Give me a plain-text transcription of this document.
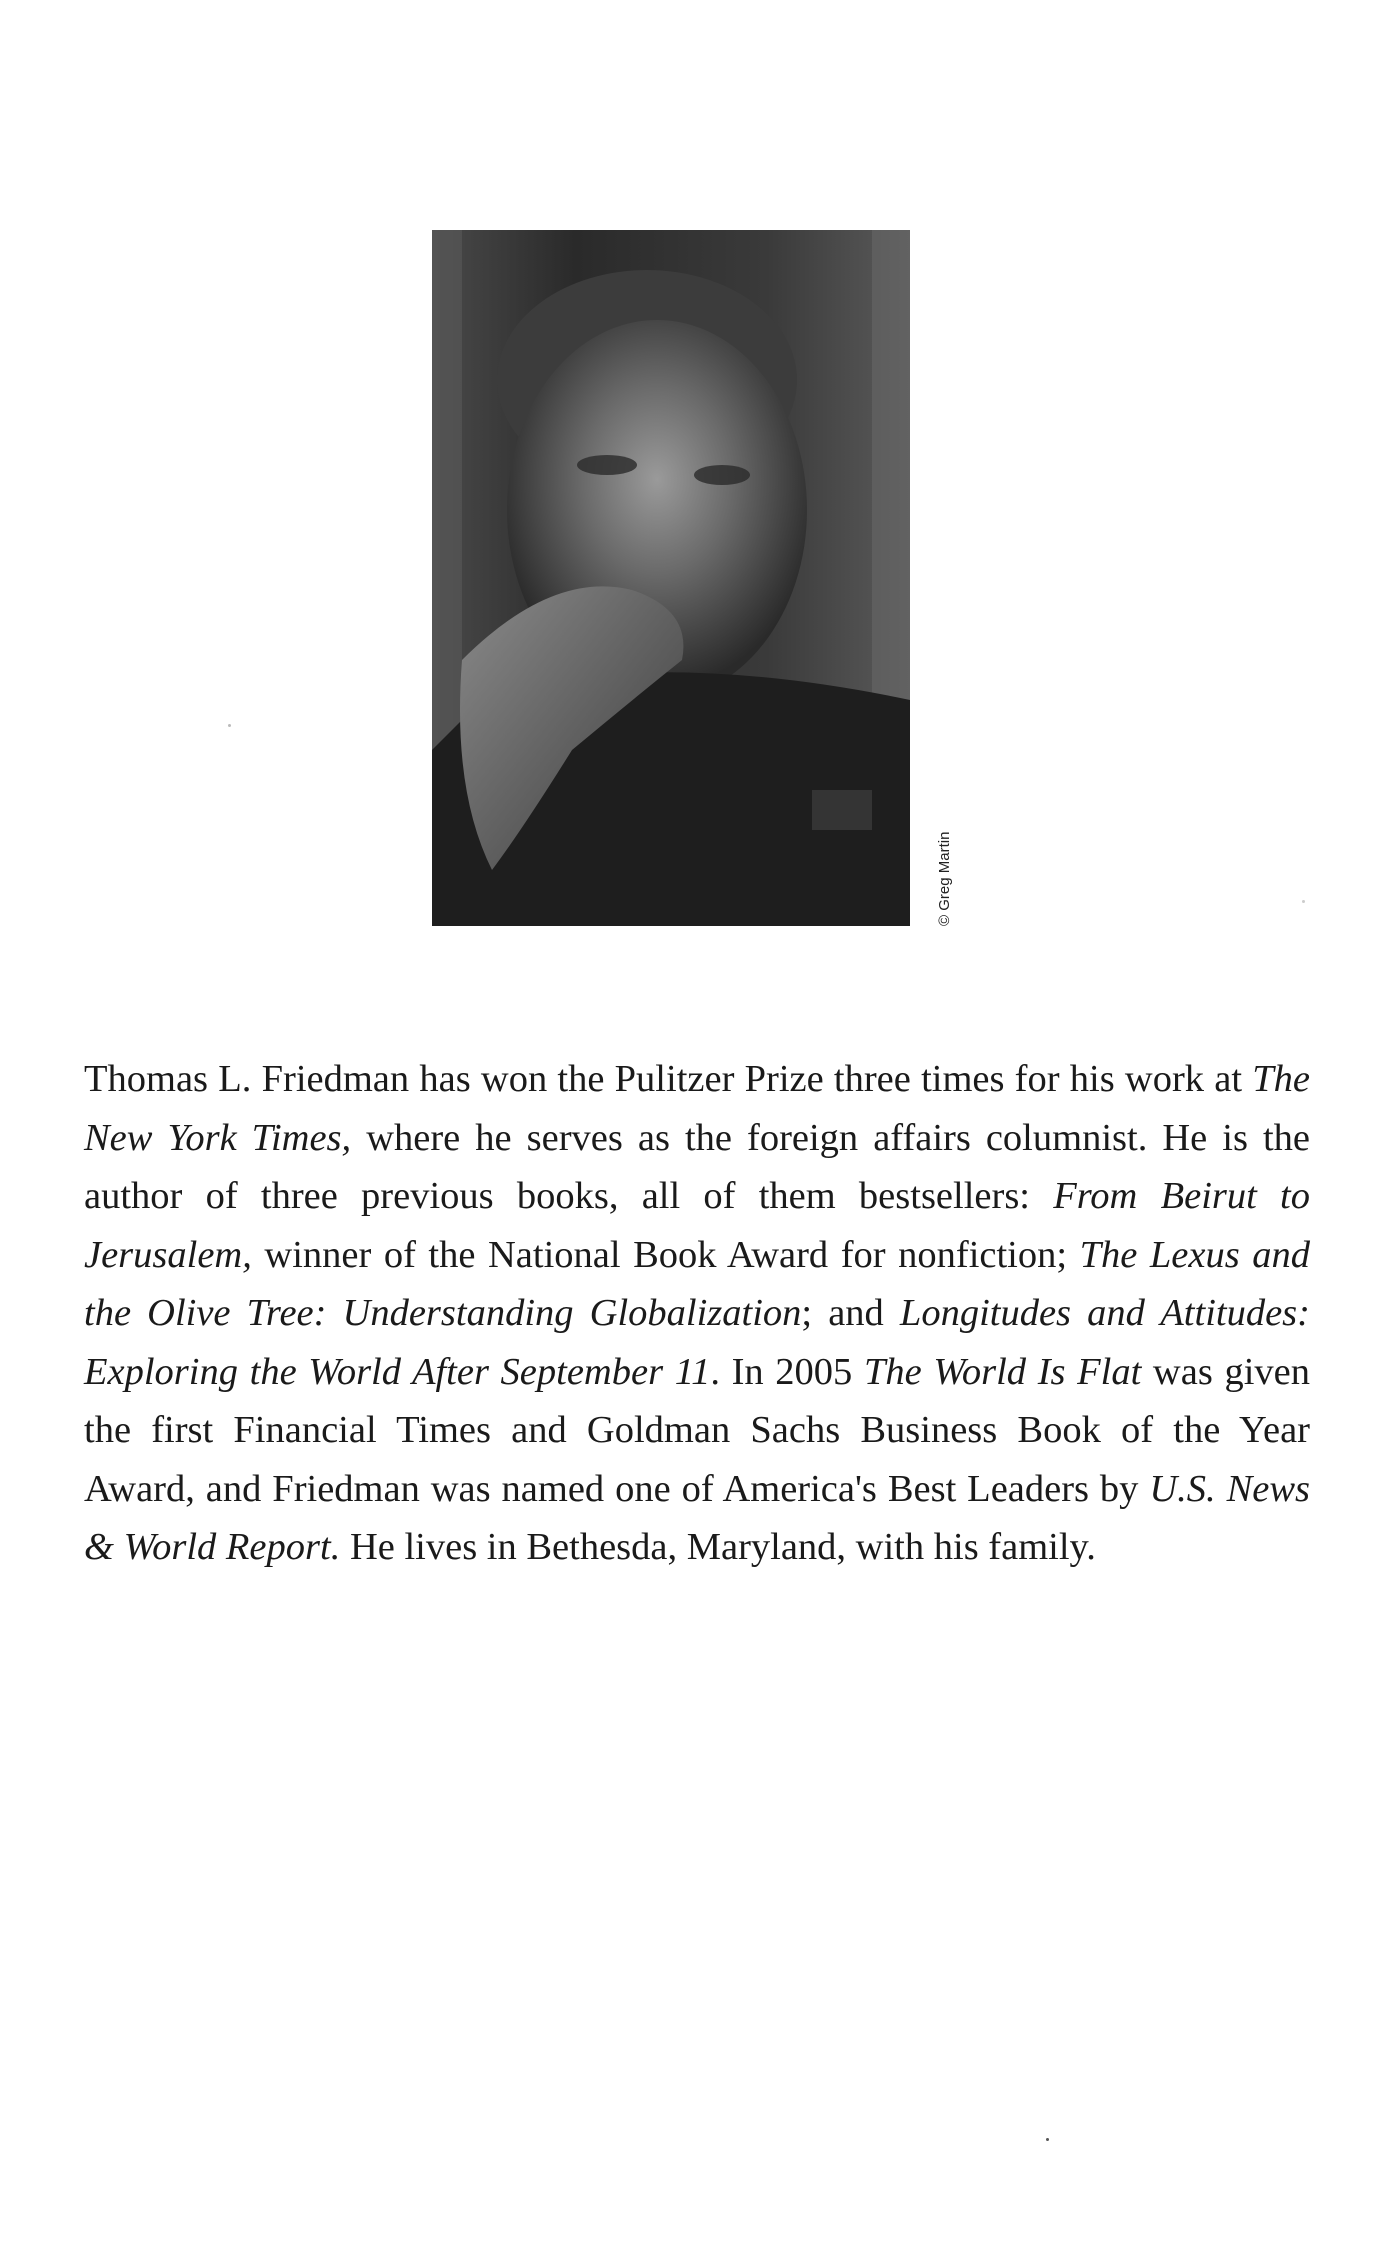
© Greg Martin

Thomas L. Friedman has won the Pulitzer Prize three times for his work at The New York Times, where he serves as the foreign affairs columnist. He is the author of three previous books, all of them bestsellers: From Beirut to Jerusalem, winner of the National Book Award for nonfiction; The Lexus and the Olive Tree: Understanding Globalization; and Longitudes and Attitudes: Exploring the World After September 11. In 2005 The World Is Flat was given the first Financial Times and Goldman Sachs Business Book of the Year Award, and Friedman was named one of America's Best Leaders by U.S. News & World Report. He lives in Bethesda, Maryland, with his family.
